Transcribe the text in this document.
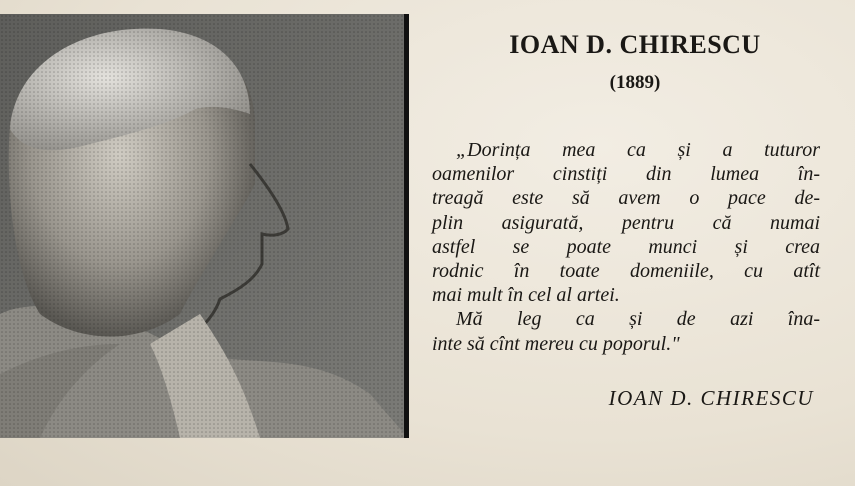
IOAN D. CHIRESCU
(1889)

„Dorința mea ca și a tuturor

oamenilor cinstiți din lumea în-

treagă este să avem o pace de-

plin asigurată, pentru că numai

astfel se poate munci și crea

rodnic în toate domeniile, cu atît

mai mult în cel al artei.

Mă leg ca și de azi îna-

inte să cînt mereu cu poporul."

IOAN D. CHIRESCU
